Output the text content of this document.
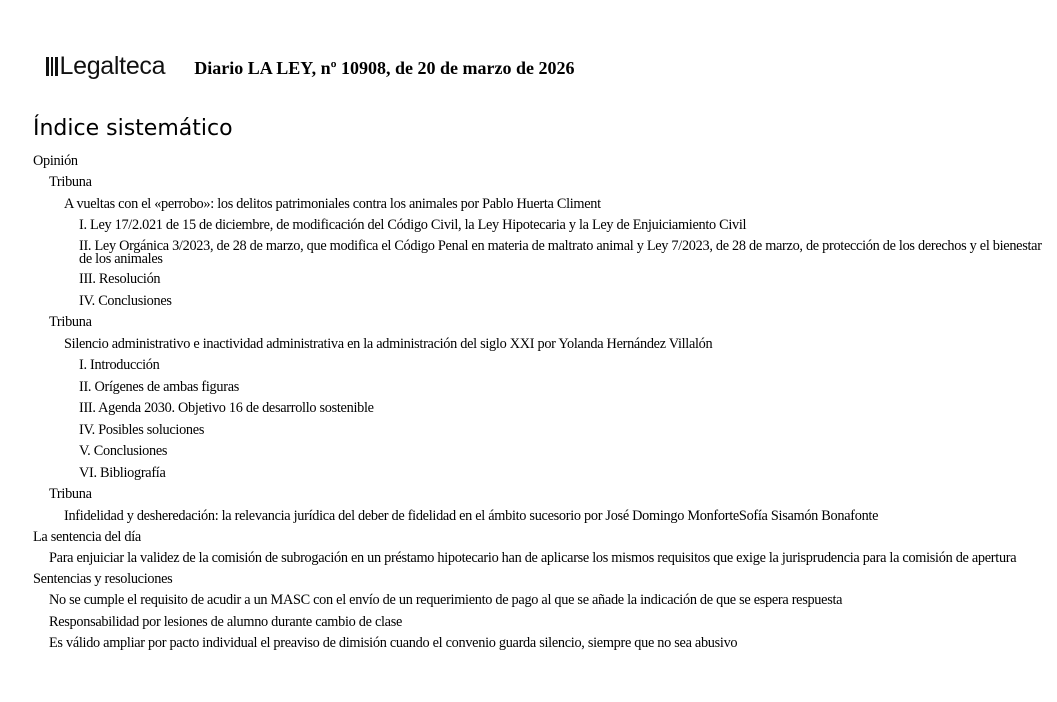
Legalteca Diario LA LEY, nº 10908, de 20 de marzo de 2026
Índice sistemático
Opinión
Tribuna
A vueltas con el «perrobo»: los delitos patrimoniales contra los animales por Pablo Huerta Climent
I. Ley 17/2.021 de 15 de diciembre, de modificación del Código Civil, la Ley Hipotecaria y la Ley de Enjuiciamiento Civil
II. Ley Orgánica 3/2023, de 28 de marzo, que modifica el Código Penal en materia de maltrato animal y Ley 7/2023, de 28 de marzo, de protección de los derechos y el bienestar de los animales
III. Resolución
IV. Conclusiones
Tribuna
Silencio administrativo e inactividad administrativa en la administración del siglo XXI por Yolanda Hernández Villalón
I. Introducción
II. Orígenes de ambas figuras
III. Agenda 2030. Objetivo 16 de desarrollo sostenible
IV. Posibles soluciones
V. Conclusiones
VI. Bibliografía
Tribuna
Infidelidad y desheredación: la relevancia jurídica del deber de fidelidad en el ámbito sucesorio por José Domingo MonforteSofía Sisamón Bonafonte
La sentencia del día
Para enjuiciar la validez de la comisión de subrogación en un préstamo hipotecario han de aplicarse los mismos requisitos que exige la jurisprudencia para la comisión de apertura
Sentencias y resoluciones
No se cumple el requisito de acudir a un MASC con el envío de un requerimiento de pago al que se añade la indicación de que se espera respuesta
Responsabilidad por lesiones de alumno durante cambio de clase
Es válido ampliar por pacto individual el preaviso de dimisión cuando el convenio guarda silencio, siempre que no sea abusivo
